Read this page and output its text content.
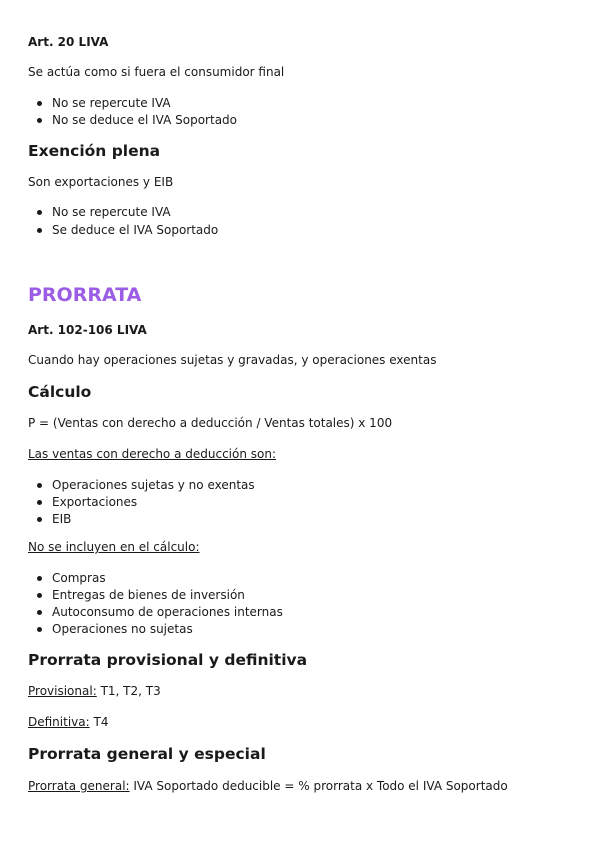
Art. 20 LIVA
Se actúa como si fuera el consumidor final
No se repercute IVA
No se deduce el IVA Soportado
Exención plena
Son exportaciones y EIB
No se repercute IVA
Se deduce el IVA Soportado
PRORRATA
Art. 102-106 LIVA
Cuando hay operaciones sujetas y gravadas, y operaciones exentas
Cálculo
P = (Ventas con derecho a deducción / Ventas totales) x 100
Las ventas con derecho a deducción son:
Operaciones sujetas y no exentas
Exportaciones
EIB
No se incluyen en el cálculo:
Compras
Entregas de bienes de inversión
Autoconsumo de operaciones internas
Operaciones no sujetas
Prorrata provisional y definitiva
Provisional: T1, T2, T3
Definitiva: T4
Prorrata general y especial
Prorrata general: IVA Soportado deducible = % prorrata x Todo el IVA Soportado
